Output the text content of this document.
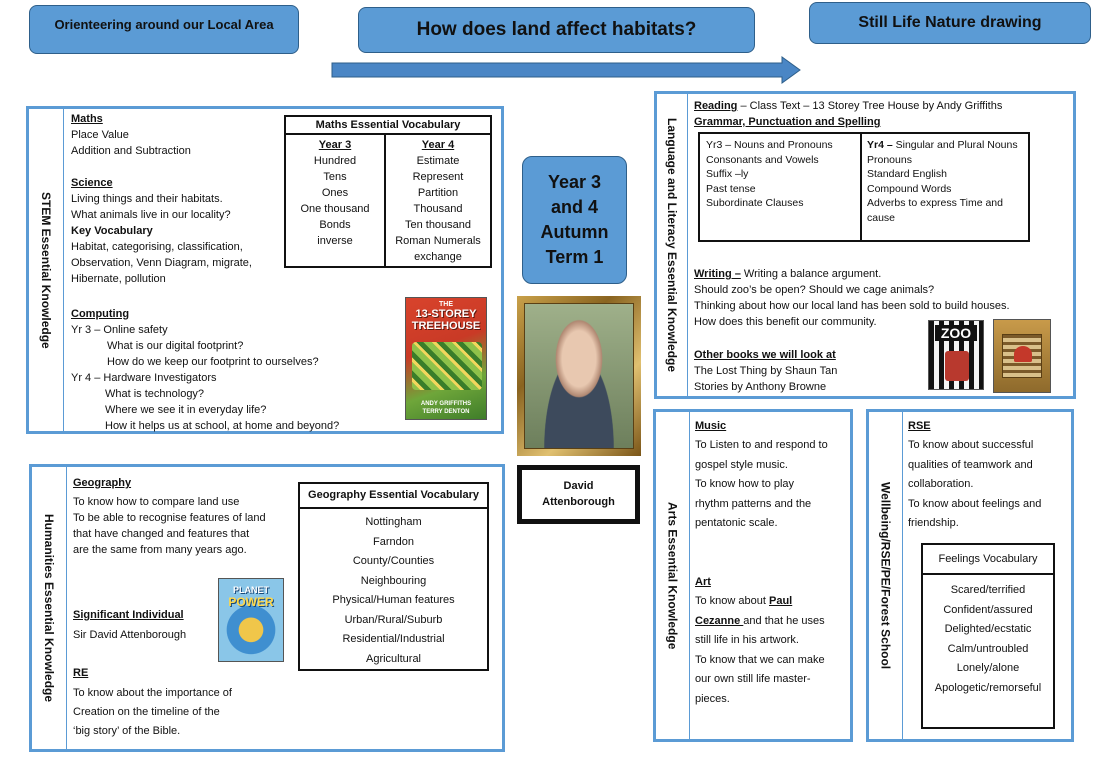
Orienteering around our Local Area	How does land affect habitats?	Still Life Nature drawing
STEM Essential Knowledge
Maths
Place Value
Addition and Subtraction
Science
Living things and their habitats.
What animals live in our locality?
Key Vocabulary
Habitat, categorising, classification,
Observation, Venn Diagram, migrate,
Hibernate, pollution
Computing
Yr 3 – Online safety
What is our digital footprint?
How do we keep our footprint to ourselves?
Yr 4 – Hardware Investigators
What is technology?
Where we see it in everyday life?
How it helps us at school, at home and beyond?
Maths Essential Vocabulary
Year 3
Hundred
Tens
Ones
One thousand
Bonds
inverse
Year 4
Estimate
Represent
Partition
Thousand
Ten thousand
Roman Numerals
exchange
THE
13-STOREY TREEHOUSE
ANDY GRIFFITHS
TERRY DENTON
Year 3
and 4
Autumn
Term 1
David
Attenborough
Language and Literacy Essential Knowledge
Reading – Class Text – 13 Storey Tree House by Andy Griffiths
Grammar, Punctuation and Spelling
Yr3 – Nouns and Pronouns
Consonants and Vowels
Suffix –ly
Past tense
Subordinate Clauses
Yr4 – Singular and Plural Nouns
Pronouns
Standard English
Compound Words
Adverbs to express Time and
cause
Writing – Writing a balance argument.
Should zoo’s be open? Should we cage animals?
Thinking about how our local land has been sold to build houses.
How does this benefit our community.
Other books we will look at
The Lost Thing by Shaun Tan
Stories by Anthony Browne
ZOO
Humanities Essential Knowledge
Geography
To know how to compare land use
To be able to recognise features of land
that have changed and features that
are the same from many years ago.
Significant Individual
Sir David Attenborough
RE
To know about the importance of
Creation on the timeline of the
‘big story’ of the Bible.
PLANET
POWER
Geography Essential Vocabulary
Nottingham
Farndon
County/Counties
Neighbouring
Physical/Human features
Urban/Rural/Suburb
Residential/Industrial
Agricultural
Arts Essential Knowledge
Music
To Listen to and respond to
gospel style music.
To know how to play
rhythm patterns and the
pentatonic scale.
Art
To know about Paul
Cezanne and that he uses
still life in his artwork.
To know that we can make
our own still life master-
pieces.
Wellbeing/RSE/PE/Forest School
RSE
To know about successful
qualities of teamwork and
collaboration.
To know about feelings and
friendship.
Feelings Vocabulary
Scared/terrified
Confident/assured
Delighted/ecstatic
Calm/untroubled
Lonely/alone
Apologetic/remorseful
